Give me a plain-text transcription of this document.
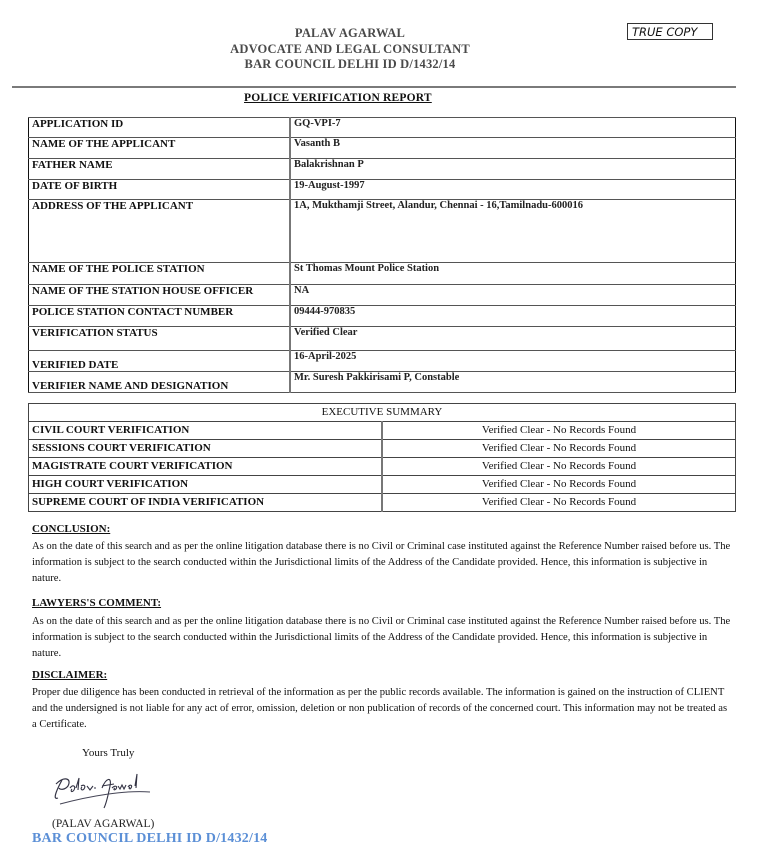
PALAV AGARWAL
ADVOCATE AND LEGAL CONSULTANT
BAR COUNCIL DELHI ID D/1432/14
TRUE COPY
POLICE VERIFICATION REPORT
APPLICATION ID	GQ-VPI-7
NAME OF THE APPLICANT	Vasanth B
FATHER NAME	Balakrishnan P
DATE OF BIRTH	19-August-1997
ADDRESS OF THE APPLICANT	1A, Mukthamji Street, Alandur, Chennai - 16,Tamilnadu-600016
NAME OF THE POLICE STATION	St Thomas Mount Police Station
NAME OF THE STATION HOUSE OFFICER	NA
POLICE STATION CONTACT NUMBER	09444-970835
VERIFICATION STATUS	Verified Clear
VERIFIED DATE	16-April-2025
VERIFIER NAME AND DESIGNATION	Mr. Suresh Pakkirisami P, Constable
EXECUTIVE SUMMARY	
CIVIL COURT VERIFICATION	Verified Clear - No Records Found
SESSIONS COURT VERIFICATION	Verified Clear - No Records Found
MAGISTRATE COURT VERIFICATION	Verified Clear - No Records Found
HIGH COURT VERIFICATION	Verified Clear - No Records Found
SUPREME COURT OF INDIA VERIFICATION	Verified Clear - No Records Found
CONCLUSION:
As on the date of this search and as per the online litigation database there is no Civil or Criminal case instituted against the Reference Number raised before us. The information is subject to the search conducted within the Jurisdictional limits of the Address of the Candidate provided. Hence, this information is subjective in nature.
LAWYERS'S COMMENT:
As on the date of this search and as per the online litigation database there is no Civil or Criminal case instituted against the Reference Number raised before us. The information is subject to the search conducted within the Jurisdictional limits of the Address of the Candidate provided. Hence, this information is subjective in nature.
DISCLAIMER:
Proper due diligence has been conducted in retrieval of the information as per the public records available. The information is gained on the instruction of CLIENT and the undersigned is not liable for any act of error, omission, deletion or non publication of records of the concerned court. This information may not be treated as a Certificate.
Yours Truly
(PALAV AGARWAL)
BAR COUNCIL DELHI ID D/1432/14
